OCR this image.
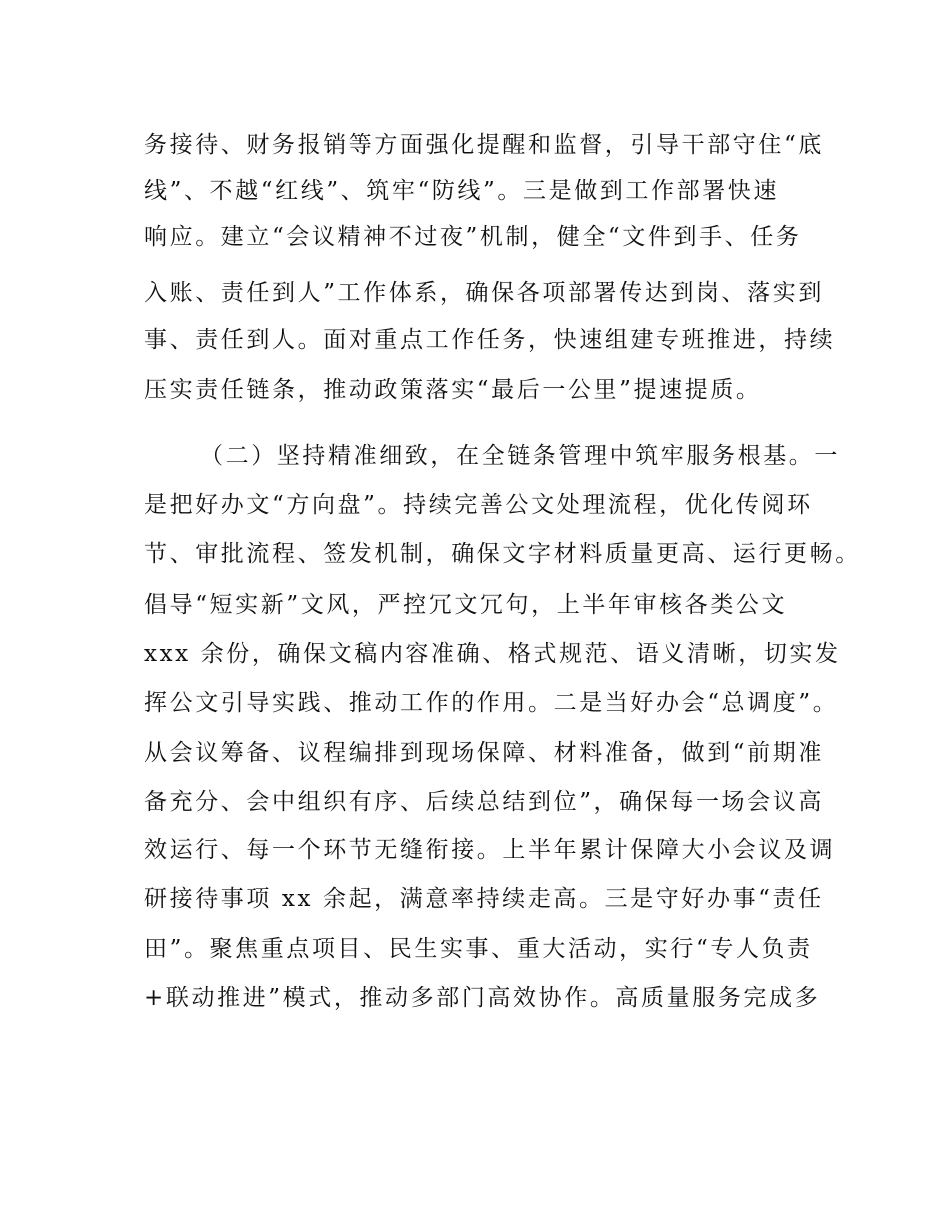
务接待、财务报销等方面强化提醒和监督，引导干部守住“底
线”、不越“红线”、筑牢“防线”。三是做到工作部署快速
响应。建立“会议精神不过夜”机制，健全“文件到手、任务
入账、责任到人”工作体系，确保各项部署传达到岗、落实到
事、责任到人。面对重点工作任务，快速组建专班推进，持续
压实责任链条，推动政策落实“最后一公里”提速提质。
（二）坚持精准细致，在全链条管理中筑牢服务根基。一
是把好办文“方向盘”。持续完善公文处理流程，优化传阅环
节、审批流程、签发机制，确保文字材料质量更高、运行更畅。
倡导“短实新”文风，严控冗文冗句，上半年审核各类公文
xxx 余份，确保文稿内容准确、格式规范、语义清晰，切实发
挥公文引导实践、推动工作的作用。二是当好办会“总调度”。
从会议筹备、议程编排到现场保障、材料准备，做到“前期准
备充分、会中组织有序、后续总结到位”，确保每一场会议高
效运行、每一个环节无缝衔接。上半年累计保障大小会议及调
研接待事项 xx 余起，满意率持续走高。三是守好办事“责任
田”。聚焦重点项目、民生实事、重大活动，实行“专人负责
+联动推进”模式，推动多部门高效协作。高质量服务完成多
